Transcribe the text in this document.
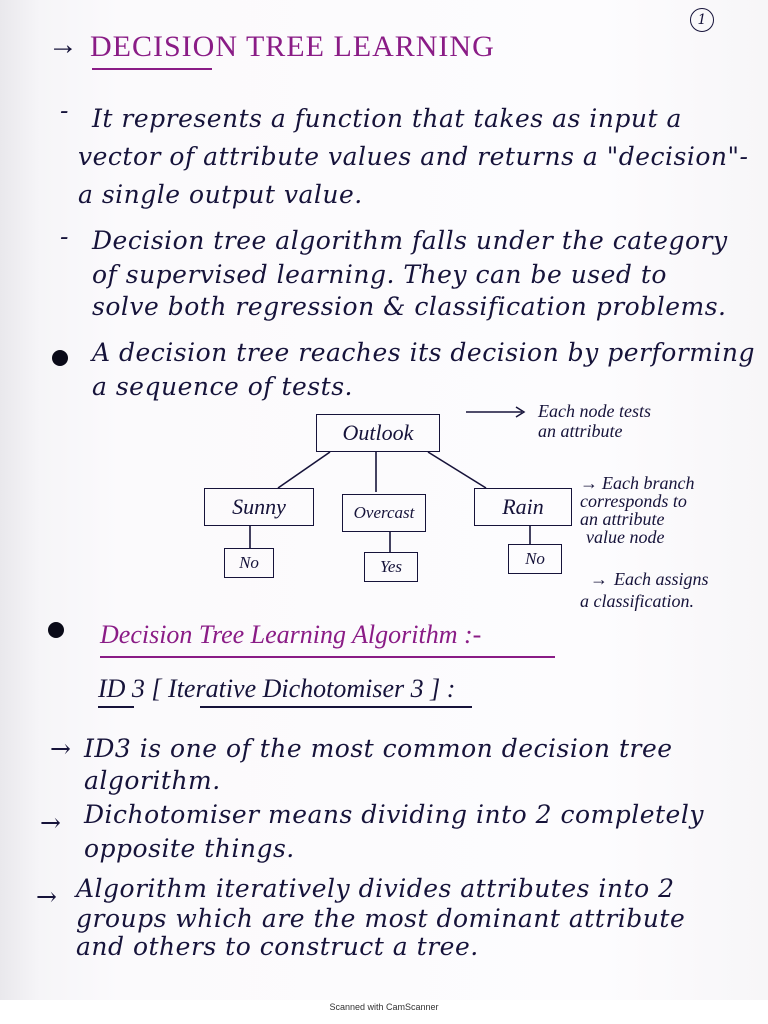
1
→ DECISION TREE LEARNING
- It represents a function that takes as input a
vector of attribute values and returns a "decision"-
a single output value.
- Decision tree algorithm falls under the category
of supervised learning. They can be used to
solve both regression & classification problems.
A decision tree reaches its decision by performing
a sequence of tests.
Outlook
Sunny	Overcast	Rain
No	Yes	No
Each node tests
an attribute
→ Each branch
corresponds to
an attribute
value node
→ Each assigns
a classification.
Decision Tree Learning Algorithm :-
ID 3 [ Iterative Dichotomiser 3 ] :
→ ID3 is one of the most common decision tree
algorithm.
→ Dichotomiser means dividing into 2 completely
opposite things.
→ Algorithm iteratively divides attributes into 2
groups which are the most dominant attribute
and others to construct a tree.
Scanned with CamScanner
